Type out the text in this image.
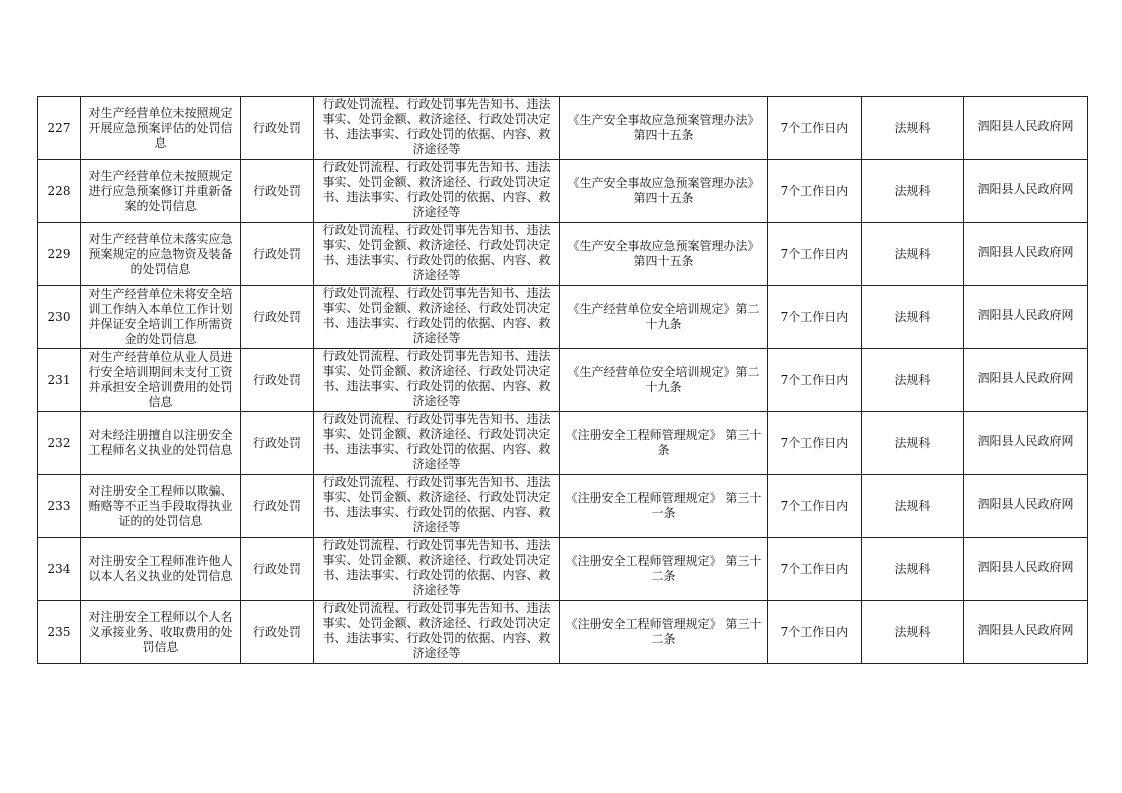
227	对生产经营单位未按照规定开展应急预案评估的处罚信息	行政处罚	行政处罚流程、行政处罚事先告知书、违法事实、处罚金额、救济途径、行政处罚决定书、违法事实、行政处罚的依据、内容、救济途径等	《生产安全事故应急预案管理办法》第四十五条	7个工作日内	法规科	泗阳县人民政府网
228	对生产经营单位未按照规定进行应急预案修订并重新备案的处罚信息	行政处罚	行政处罚流程、行政处罚事先告知书、违法事实、处罚金额、救济途径、行政处罚决定书、违法事实、行政处罚的依据、内容、救济途径等	《生产安全事故应急预案管理办法》第四十五条	7个工作日内	法规科	泗阳县人民政府网
229	对生产经营单位未落实应急预案规定的应急物资及装备的处罚信息	行政处罚	行政处罚流程、行政处罚事先告知书、违法事实、处罚金额、救济途径、行政处罚决定书、违法事实、行政处罚的依据、内容、救济途径等	《生产安全事故应急预案管理办法》第四十五条	7个工作日内	法规科	泗阳县人民政府网
230	对生产经营单位未将安全培训工作纳入本单位工作计划并保证安全培训工作所需资金的处罚信息	行政处罚	行政处罚流程、行政处罚事先告知书、违法事实、处罚金额、救济途径、行政处罚决定书、违法事实、行政处罚的依据、内容、救济途径等	《生产经营单位安全培训规定》第二十九条	7个工作日内	法规科	泗阳县人民政府网
231	对生产经营单位从业人员进行安全培训期间未支付工资并承担安全培训费用的处罚信息	行政处罚	行政处罚流程、行政处罚事先告知书、违法事实、处罚金额、救济途径、行政处罚决定书、违法事实、行政处罚的依据、内容、救济途径等	《生产经营单位安全培训规定》第二十九条	7个工作日内	法规科	泗阳县人民政府网
232	对未经注册擅自以注册安全工程师名义执业的处罚信息	行政处罚	行政处罚流程、行政处罚事先告知书、违法事实、处罚金额、救济途径、行政处罚决定书、违法事实、行政处罚的依据、内容、救济途径等	《注册安全工程师管理规定》 第三十条	7个工作日内	法规科	泗阳县人民政府网
233	对注册安全工程师以欺骗、贿赂等不正当手段取得执业证的的处罚信息	行政处罚	行政处罚流程、行政处罚事先告知书、违法事实、处罚金额、救济途径、行政处罚决定书、违法事实、行政处罚的依据、内容、救济途径等	《注册安全工程师管理规定》 第三十一条	7个工作日内	法规科	泗阳县人民政府网
234	对注册安全工程师准许他人以本人名义执业的处罚信息	行政处罚	行政处罚流程、行政处罚事先告知书、违法事实、处罚金额、救济途径、行政处罚决定书、违法事实、行政处罚的依据、内容、救济途径等	《注册安全工程师管理规定》 第三十二条	7个工作日内	法规科	泗阳县人民政府网
235	对注册安全工程师以个人名义承接业务、收取费用的处罚信息	行政处罚	行政处罚流程、行政处罚事先告知书、违法事实、处罚金额、救济途径、行政处罚决定书、违法事实、行政处罚的依据、内容、救济途径等	《注册安全工程师管理规定》 第三十二条	7个工作日内	法规科	泗阳县人民政府网
